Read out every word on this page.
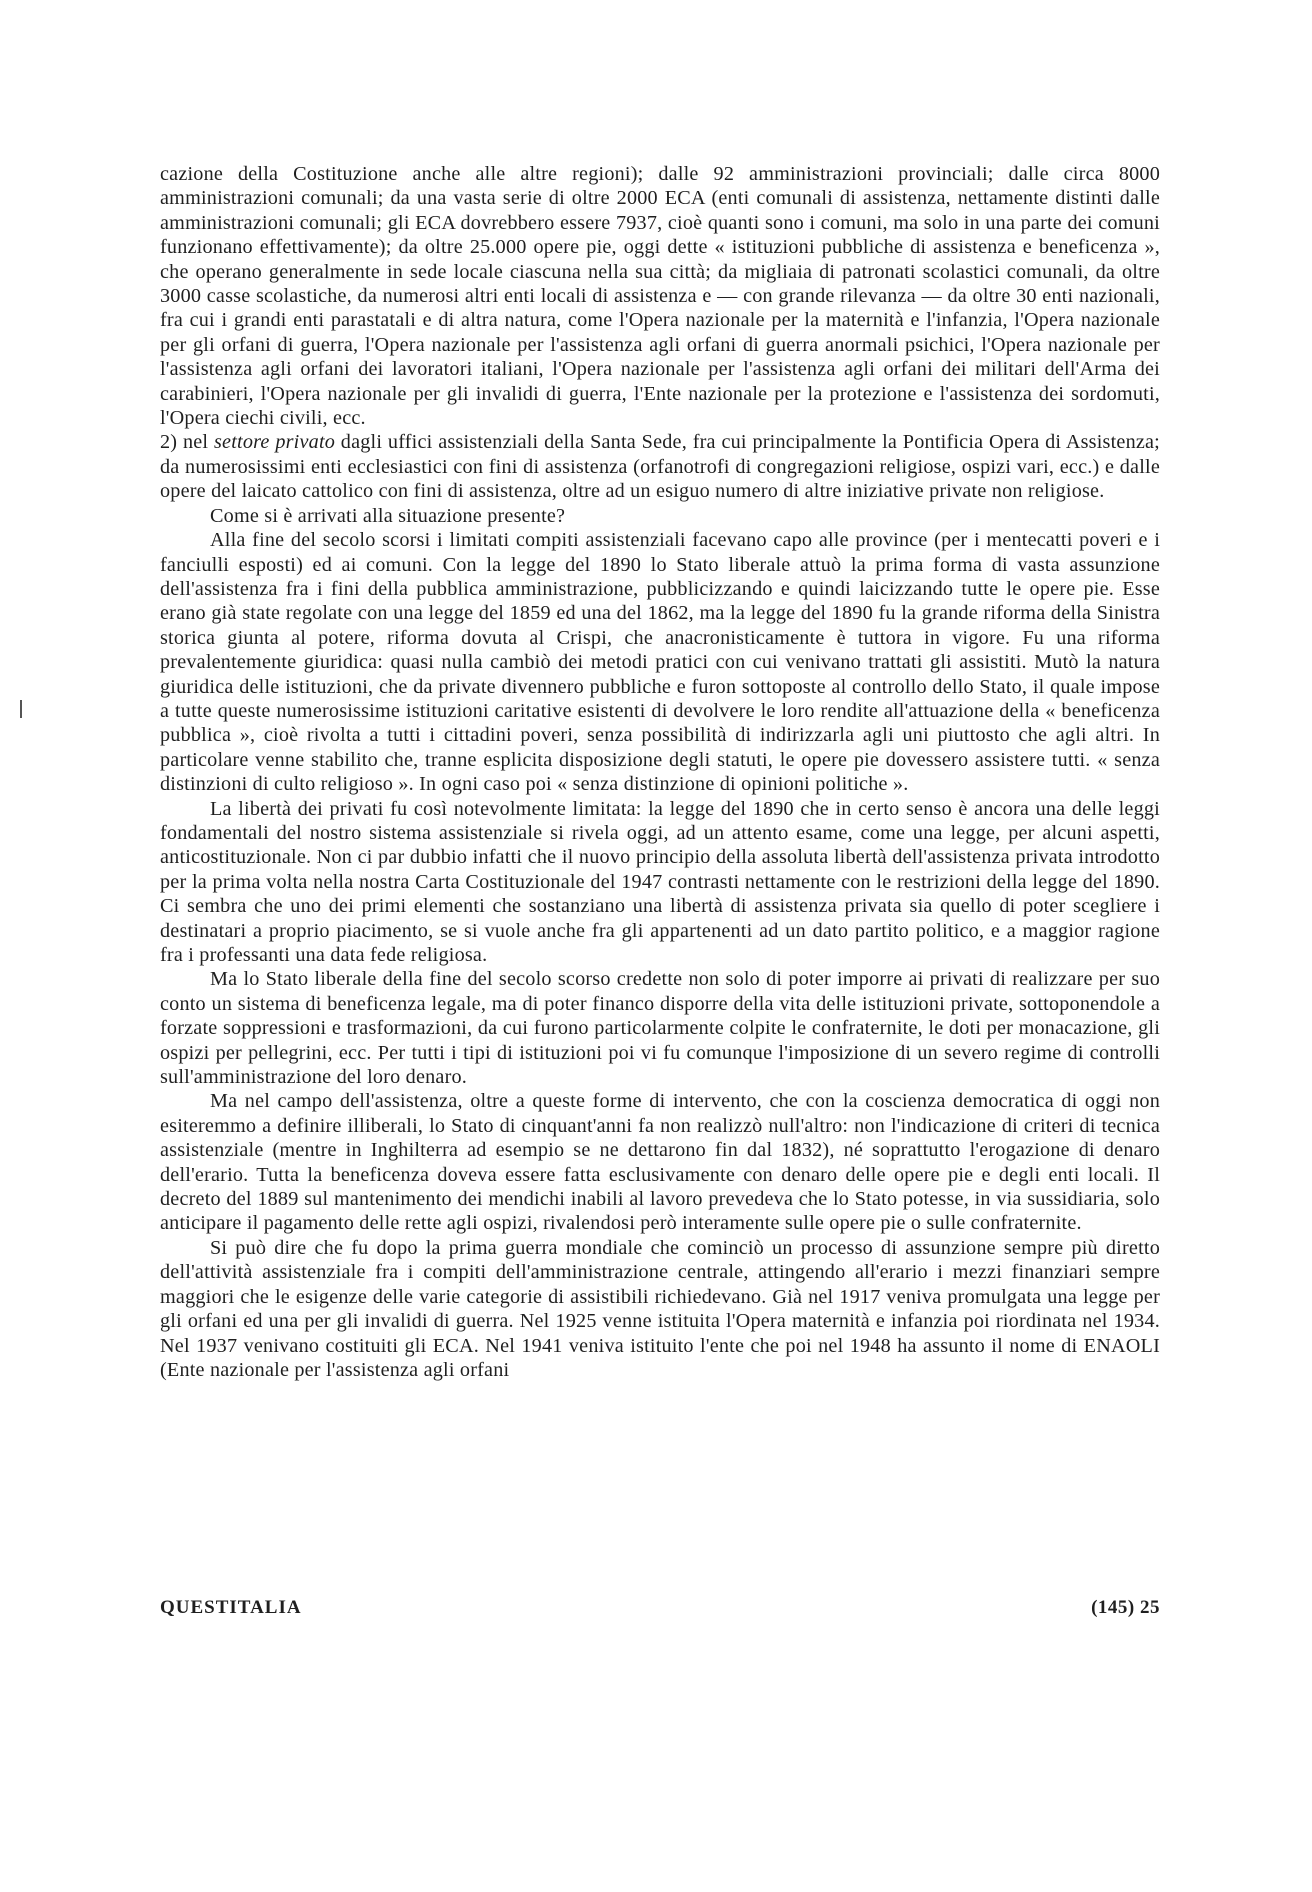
cazione della Costituzione anche alle altre regioni); dalle 92 amministrazioni provinciali; dalle circa 8000 amministrazioni comunali; da una vasta serie di oltre 2000 ECA (enti comunali di assistenza, nettamente distinti dalle amministrazioni comunali; gli ECA dovrebbero essere 7937, cioè quanti sono i comuni, ma solo in una parte dei comuni funzionano effettivamente); da oltre 25.000 opere pie, oggi dette « istituzioni pubbliche di assistenza e beneficenza », che operano generalmente in sede locale ciascuna nella sua città; da migliaia di patronati scolastici comunali, da oltre 3000 casse scolastiche, da numerosi altri enti locali di assistenza e — con grande rilevanza — da oltre 30 enti nazionali, fra cui i grandi enti parastatali e di altra natura, come l'Opera nazionale per la maternità e l'infanzia, l'Opera nazionale per gli orfani di guerra, l'Opera nazionale per l'assistenza agli orfani di guerra anormali psichici, l'Opera nazionale per l'assistenza agli orfani dei lavoratori italiani, l'Opera nazionale per l'assistenza agli orfani dei militari dell'Arma dei carabinieri, l'Opera nazionale per gli invalidi di guerra, l'Ente nazionale per la protezione e l'assistenza dei sordomuti, l'Opera ciechi civili, ecc.

2) nel settore privato dagli uffici assistenziali della Santa Sede, fra cui principalmente la Pontificia Opera di Assistenza; da numerosissimi enti ecclesiastici con fini di assistenza (orfanotrofi di congregazioni religiose, ospizi vari, ecc.) e dalle opere del laicato cattolico con fini di assistenza, oltre ad un esiguo numero di altre iniziative private non religiose.

Come si è arrivati alla situazione presente?

Alla fine del secolo scorsi i limitati compiti assistenziali facevano capo alle province (per i mentecatti poveri e i fanciulli esposti) ed ai comuni. Con la legge del 1890 lo Stato liberale attuò la prima forma di vasta assunzione dell'assistenza fra i fini della pubblica amministrazione, pubblicizzando e quindi laicizzando tutte le opere pie. Esse erano già state regolate con una legge del 1859 ed una del 1862, ma la legge del 1890 fu la grande riforma della Sinistra storica giunta al potere, riforma dovuta al Crispi, che anacronisticamente è tuttora in vigore. Fu una riforma prevalentemente giuridica: quasi nulla cambiò dei metodi pratici con cui venivano trattati gli assistiti. Mutò la natura giuridica delle istituzioni, che da private divennero pubbliche e furon sottoposte al controllo dello Stato, il quale impose a tutte queste numerosissime istituzioni caritative esistenti di devolvere le loro rendite all'attuazione della « beneficenza pubblica », cioè rivolta a tutti i cittadini poveri, senza possibilità di indirizzarla agli uni piuttosto che agli altri. In particolare venne stabilito che, tranne esplicita disposizione degli statuti, le opere pie dovessero assistere tutti. « senza distinzioni di culto religioso ». In ogni caso poi « senza distinzione di opinioni politiche ».

La libertà dei privati fu così notevolmente limitata: la legge del 1890 che in certo senso è ancora una delle leggi fondamentali del nostro sistema assistenziale si rivela oggi, ad un attento esame, come una legge, per alcuni aspetti, anticostituzionale. Non ci par dubbio infatti che il nuovo principio della assoluta libertà dell'assistenza privata introdotto per la prima volta nella nostra Carta Costituzionale del 1947 contrasti nettamente con le restrizioni della legge del 1890. Ci sembra che uno dei primi elementi che sostanziano una libertà di assistenza privata sia quello di poter scegliere i destinatari a proprio piacimento, se si vuole anche fra gli appartenenti ad un dato partito politico, e a maggior ragione fra i professanti una data fede religiosa.

Ma lo Stato liberale della fine del secolo scorso credette non solo di poter imporre ai privati di realizzare per suo conto un sistema di beneficenza legale, ma di poter financo disporre della vita delle istituzioni private, sottoponendole a forzate soppressioni e trasformazioni, da cui furono particolarmente colpite le confraternite, le doti per monacazione, gli ospizi per pellegrini, ecc. Per tutti i tipi di istituzioni poi vi fu comunque l'imposizione di un severo regime di controlli sull'amministrazione del loro denaro.

Ma nel campo dell'assistenza, oltre a queste forme di intervento, che con la coscienza democratica di oggi non esiteremmo a definire illiberali, lo Stato di cinquant'anni fa non realizzò null'altro: non l'indicazione di criteri di tecnica assistenziale (mentre in Inghilterra ad esempio se ne dettarono fin dal 1832), né soprattutto l'erogazione di denaro dell'erario. Tutta la beneficenza doveva essere fatta esclusivamente con denaro delle opere pie e degli enti locali. Il decreto del 1889 sul mantenimento dei mendichi inabili al lavoro prevedeva che lo Stato potesse, in via sussidiaria, solo anticipare il pagamento delle rette agli ospizi, rivalendosi però interamente sulle opere pie o sulle confraternite.

Si può dire che fu dopo la prima guerra mondiale che cominciò un processo di assunzione sempre più diretto dell'attività assistenziale fra i compiti dell'amministrazione centrale, attingendo all'erario i mezzi finanziari sempre maggiori che le esigenze delle varie categorie di assistibili richiedevano. Già nel 1917 veniva promulgata una legge per gli orfani ed una per gli invalidi di guerra. Nel 1925 venne istituita l'Opera maternità e infanzia poi riordinata nel 1934. Nel 1937 venivano costituiti gli ECA. Nel 1941 veniva istituito l'ente che poi nel 1948 ha assunto il nome di ENAOLI (Ente nazionale per l'assistenza agli orfani

QUESTITALIA	(145) 25
